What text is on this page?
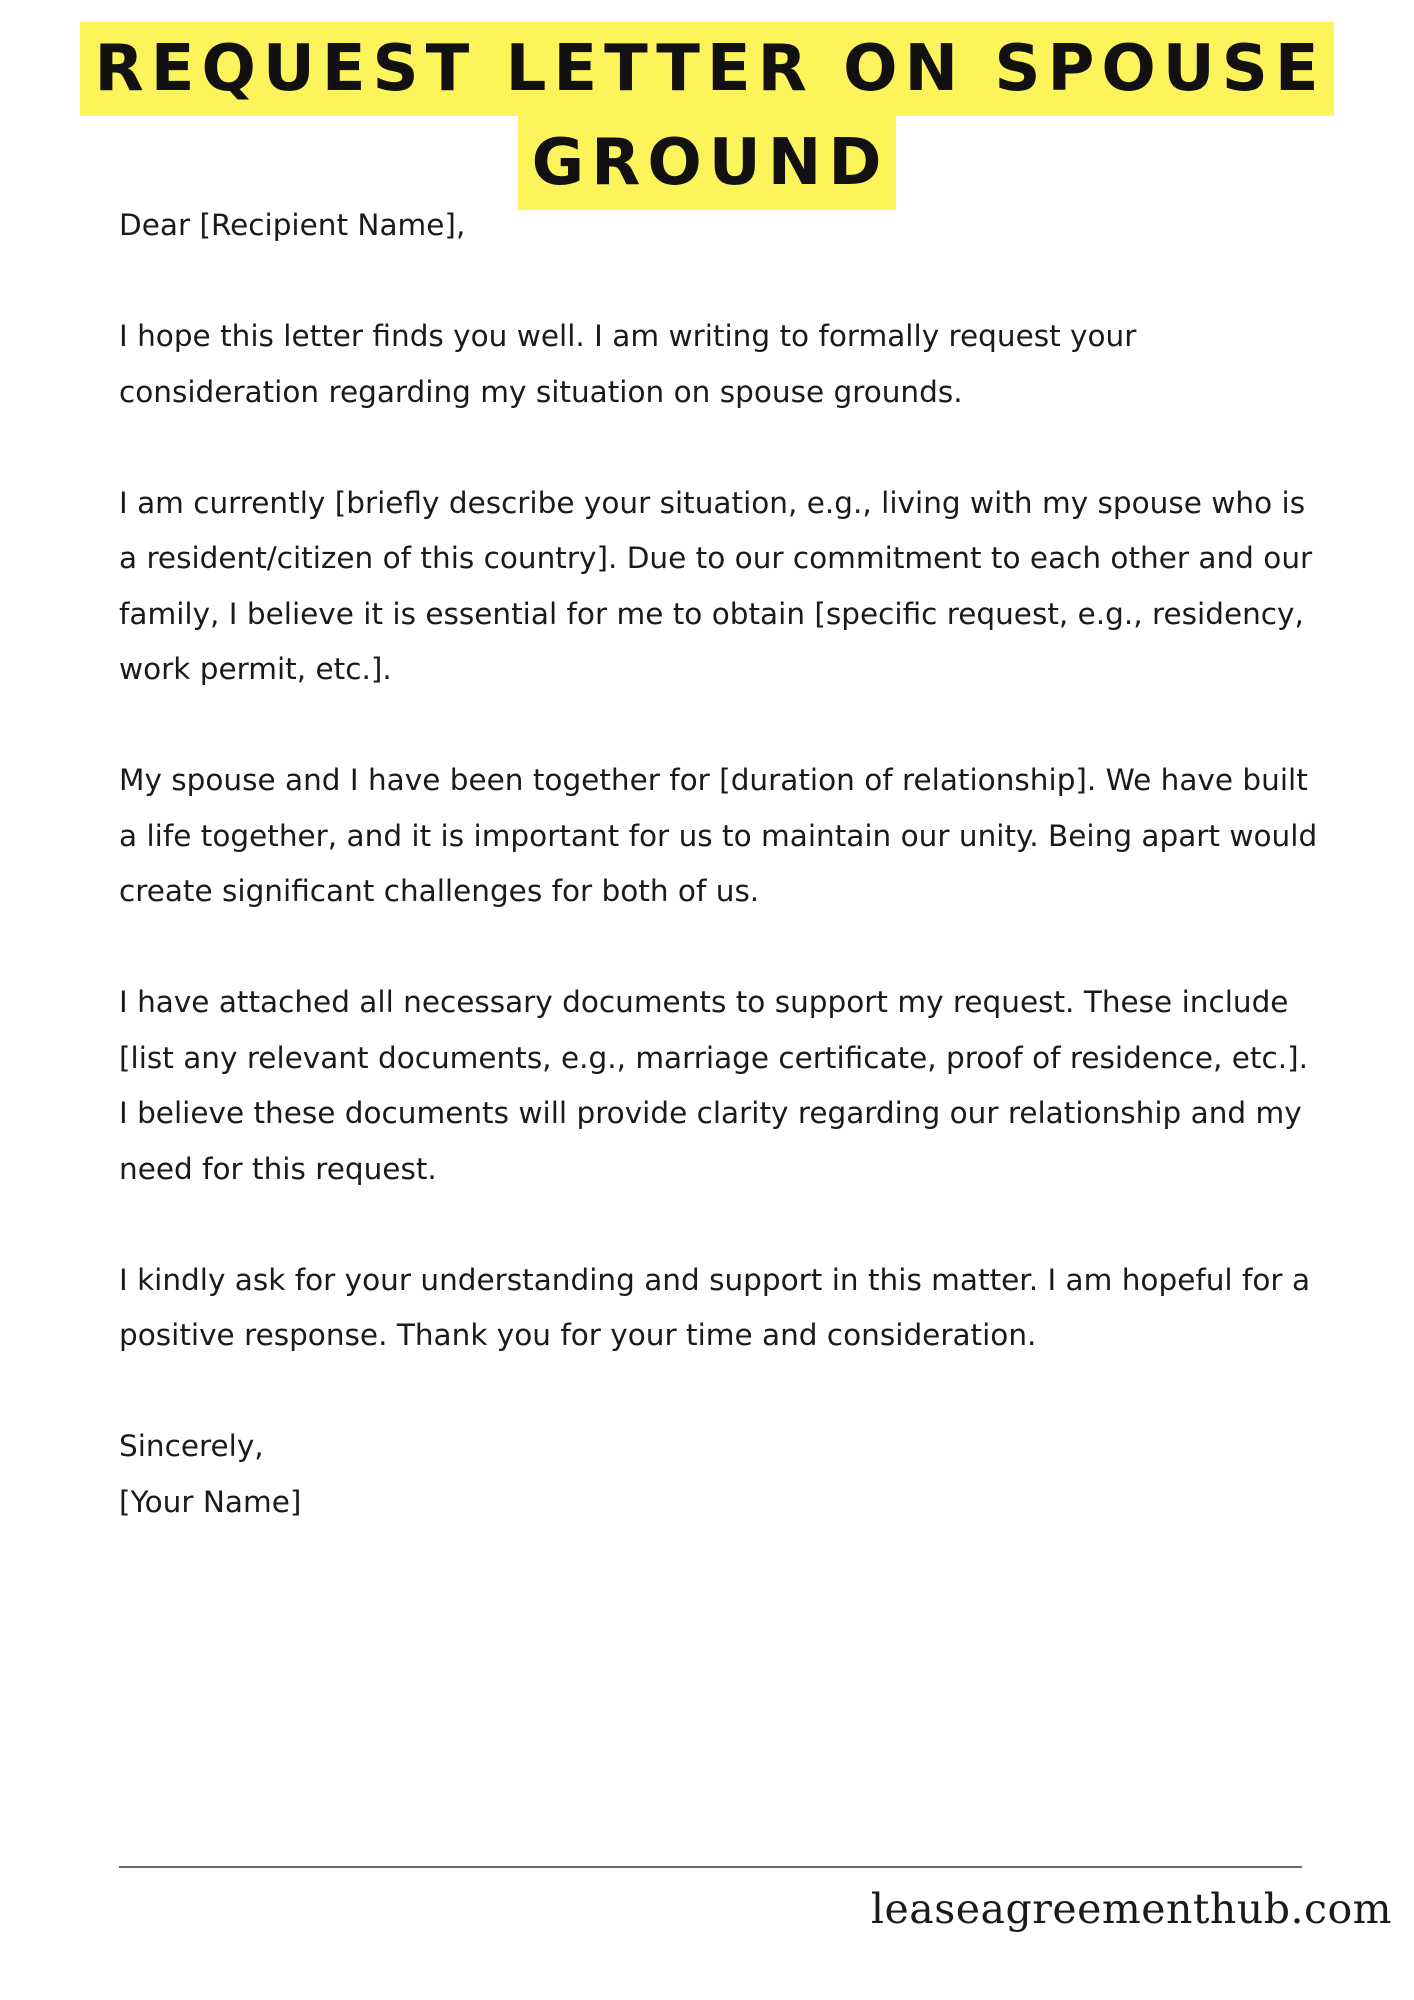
REQUEST LETTER ON SPOUSE
GROUND

Dear [Recipient Name],

I hope this letter finds you well. I am writing to formally request your consideration regarding my situation on spouse grounds.

I am currently [briefly describe your situation, e.g., living with my spouse who is a resident/citizen of this country]. Due to our commitment to each other and our family, I believe it is essential for me to obtain [specific request, e.g., residency, work permit, etc.].

My spouse and I have been together for [duration of relationship]. We have built a life together, and it is important for us to maintain our unity. Being apart would create significant challenges for both of us.

I have attached all necessary documents to support my request. These include [list any relevant documents, e.g., marriage certificate, proof of residence, etc.]. I believe these documents will provide clarity regarding our relationship and my need for this request.

I kindly ask for your understanding and support in this matter. I am hopeful for a positive response. Thank you for your time and consideration.

Sincerely,

[Your Name]

leaseagreementhub.com
